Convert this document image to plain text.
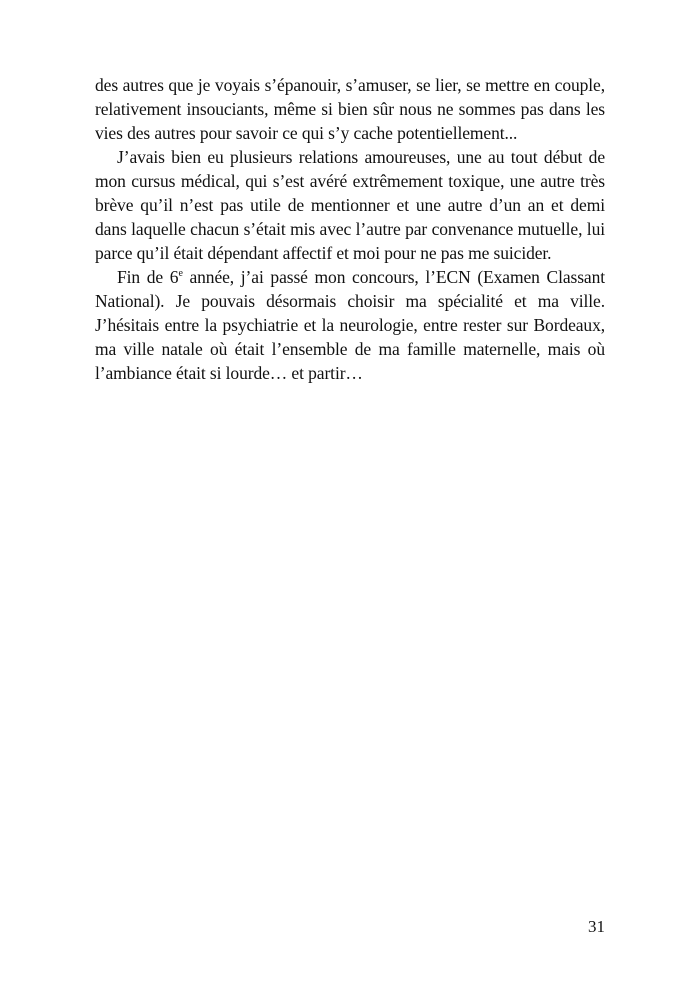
des autres que je voyais s’épanouir, s’amuser, se lier, se mettre en couple, relativement insouciants, même si bien sûr nous ne sommes pas dans les vies des autres pour savoir ce qui s’y cache potentiellement...

J’avais bien eu plusieurs relations amoureuses, une au tout début de mon cursus médical, qui s’est avéré extrêmement toxique, une autre très brève qu’il n’est pas utile de mentionner et une autre d’un an et demi dans laquelle chacun s’était mis avec l’autre par convenance mutuelle, lui parce qu’il était dépendant affectif et moi pour ne pas me suicider.

Fin de 6e année, j’ai passé mon concours, l’ECN (Examen Classant National). Je pouvais désormais choisir ma spécialité et ma ville. J’hésitais entre la psychiatrie et la neurologie, entre rester sur Bordeaux, ma ville natale où était l’ensemble de ma famille maternelle, mais où l’ambiance était si lourde… et partir…

31
